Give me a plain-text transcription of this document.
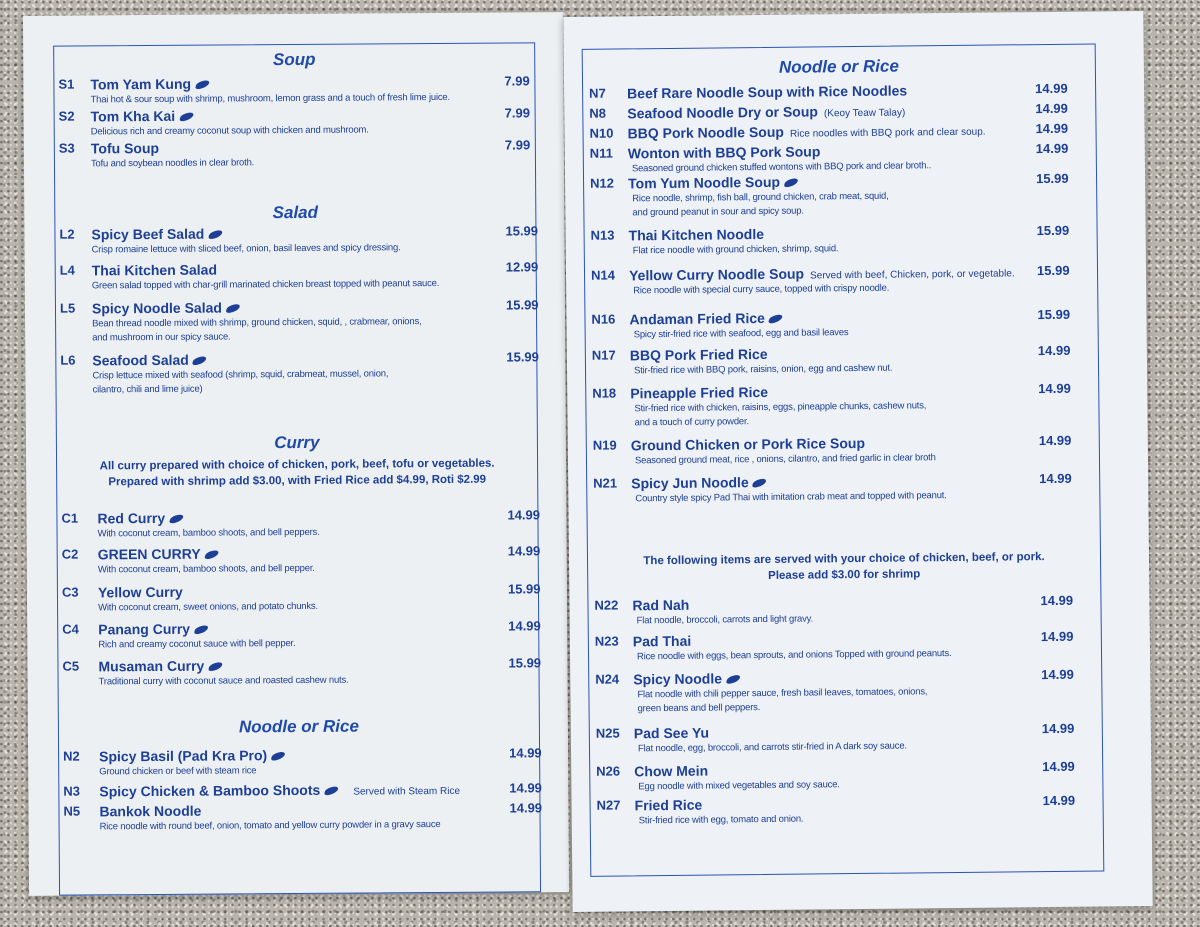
Soup
S1 Tom Yam Kung	7.99
Thai hot & sour soup with shrimp, mushroom, lemon grass and a touch of fresh lime juice.
S2 Tom Kha Kai	7.99
Delicious rich and creamy coconut soup with chicken and mushroom.
S3 Tofu Soup	7.99
Tofu and soybean noodles in clear broth.
Salad
L2 Spicy Beef Salad	15.99
Crisp romaine lettuce with sliced beef, onion, basil leaves and spicy dressing.
L4 Thai Kitchen Salad	12.99
Green salad topped with char-grill marinated chicken breast topped with peanut sauce.
L5 Spicy Noodle Salad	15.99
Bean thread noodle mixed with shrimp, ground chicken, squid, , crabmear, onions,
and mushroom in our spicy sauce.
L6 Seafood Salad	15.99
Crisp lettuce mixed with seafood (shrimp, squid, crabmeat, mussel, onion,
cilantro, chili and lime juice)
Curry
All curry prepared with choice of chicken, pork, beef, tofu or vegetables.
Prepared with shrimp add $3.00, with Fried Rice add $4.99, Roti $2.99
C1 Red Curry	14.99
With coconut cream, bamboo shoots, and bell peppers.
C2 GREEN CURRY	14.99
With coconut cream, bamboo shoots, and bell pepper.
C3 Yellow Curry	15.99
With coconut cream, sweet onions, and potato chunks.
C4 Panang Curry	14.99
Rich and creamy coconut sauce with bell pepper.
C5 Musaman Curry	15.99
Traditional curry with coconut sauce and roasted cashew nuts.
Noodle or Rice
N2 Spicy Basil (Pad Kra Pro)	14.99
Ground chicken or beef with steam rice
N3 Spicy Chicken & Bamboo Shoots	Served with Steam Rice	14.99
N5 Bankok Noodle	14.99
Rice noodle with round beef, onion, tomato and yellow curry powder in a gravy sauce
Noodle or Rice
N7 Beef Rare Noodle Soup with Rice Noodles	14.99
N8 Seafood Noodle Dry or Soup (Keoy Teaw Talay)	14.99
N10 BBQ Pork Noodle Soup Rice noodles with BBQ pork and clear soup.	14.99
N11 Wonton with BBQ Pork Soup	14.99
Seasoned ground chicken stuffed wontons with BBQ pork and clear broth..
N12 Tom Yum Noodle Soup	15.99
Rice noodle, shrimp, fish ball, ground chicken, crab meat, squid,
and ground peanut in sour and spicy soup.
N13 Thai Kitchen Noodle	15.99
Flat rice noodle with ground chicken, shrimp, squid.
N14 Yellow Curry Noodle Soup Served with beef, Chicken, pork, or vegetable. 15.99
Rice noodle with special curry sauce, topped with crispy noodle.
N16 Andaman Fried Rice	15.99
Spicy stir-fried rice with seafood, egg and basil leaves
N17 BBQ Pork Fried Rice	14.99
Stir-fried rice with BBQ pork, raisins, onion, egg and cashew nut.
N18 Pineapple Fried Rice	14.99
Stir-fried rice with chicken, raisins, eggs, pineapple chunks, cashew nuts,
and a touch of curry powder.
N19 Ground Chicken or Pork Rice Soup	14.99
Seasoned ground meat, rice , onions, cilantro, and fried garlic in clear broth
N21 Spicy Jun Noodle	14.99
Country style spicy Pad Thai with imitation crab meat and topped with peanut.
The following items are served with your choice of chicken, beef, or pork.
Please add $3.00 for shrimp
N22 Rad Nah	14.99
Flat noodle, broccoli, carrots and light gravy.
N23 Pad Thai	14.99
Rice noodle with eggs, bean sprouts, and onions Topped with ground peanuts.
N24 Spicy Noodle	14.99
Flat noodle with chili pepper sauce, fresh basil leaves, tomatoes, onions,
green beans and bell peppers.
N25 Pad See Yu	14.99
Flat noodle, egg, broccoli, and carrots stir-fried in A dark soy sauce.
N26 Chow Mein	14.99
Egg noodle with mixed vegetables and soy sauce.
N27 Fried Rice	14.99
Stir-fried rice with egg, tomato and onion.
